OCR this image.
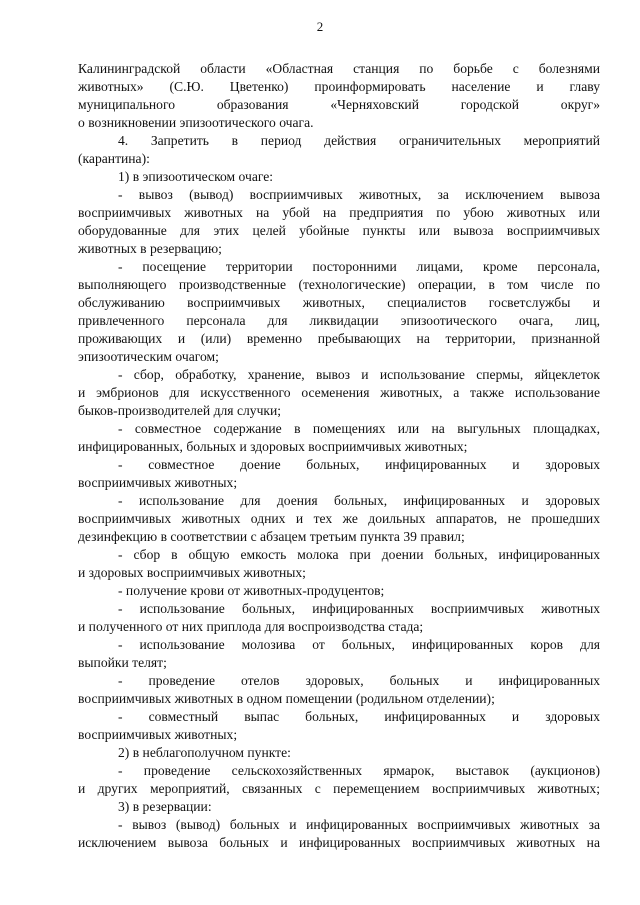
2
Калининградской области «Областная станция по борьбе с болезнями
животных» (С.Ю. Цветенко) проинформировать население и главу
муниципального образования «Черняховский городской округ»
о возникновении эпизоотического очага.
4. Запретить в период действия ограничительных мероприятий
(карантина):
1) в эпизоотическом очаге:
- вывоз (вывод) восприимчивых животных, за исключением вывоза
восприимчивых животных на убой на предприятия по убою животных или
оборудованные для этих целей убойные пункты или вывоза восприимчивых
животных в резервацию;
- посещение территории посторонними лицами, кроме персонала,
выполняющего производственные (технологические) операции, в том числе по
обслуживанию восприимчивых животных, специалистов госветслужбы и
привлеченного персонала для ликвидации эпизоотического очага, лиц,
проживающих и (или) временно пребывающих на территории, признанной
эпизоотическим очагом;
- сбор, обработку, хранение, вывоз и использование спермы, яйцеклеток
и эмбрионов для искусственного осеменения животных, а также использование
быков-производителей для случки;
- совместное содержание в помещениях или на выгульных площадках,
инфицированных, больных и здоровых восприимчивых животных;
- совместное доение больных, инфицированных и здоровых
восприимчивых животных;
- использование для доения больных, инфицированных и здоровых
восприимчивых животных одних и тех же доильных аппаратов, не прошедших
дезинфекцию в соответствии с абзацем третьим пункта 39 правил;
- сбор в общую емкость молока при доении больных, инфицированных
и здоровых восприимчивых животных;
- получение крови от животных-продуцентов;
- использование больных, инфицированных восприимчивых животных
и полученного от них приплода для воспроизводства стада;
- использование молозива от больных, инфицированных коров для
выпойки телят;
- проведение отелов здоровых, больных и инфицированных
восприимчивых животных в одном помещении (родильном отделении);
- совместный выпас больных, инфицированных и здоровых
восприимчивых животных;
2) в неблагополучном пункте:
- проведение сельскохозяйственных ярмарок, выставок (аукционов)
и других мероприятий, связанных с перемещением восприимчивых животных;
3) в резервации:
- вывоз (вывод) больных и инфицированных восприимчивых животных за
исключением вывоза больных и инфицированных восприимчивых животных на
